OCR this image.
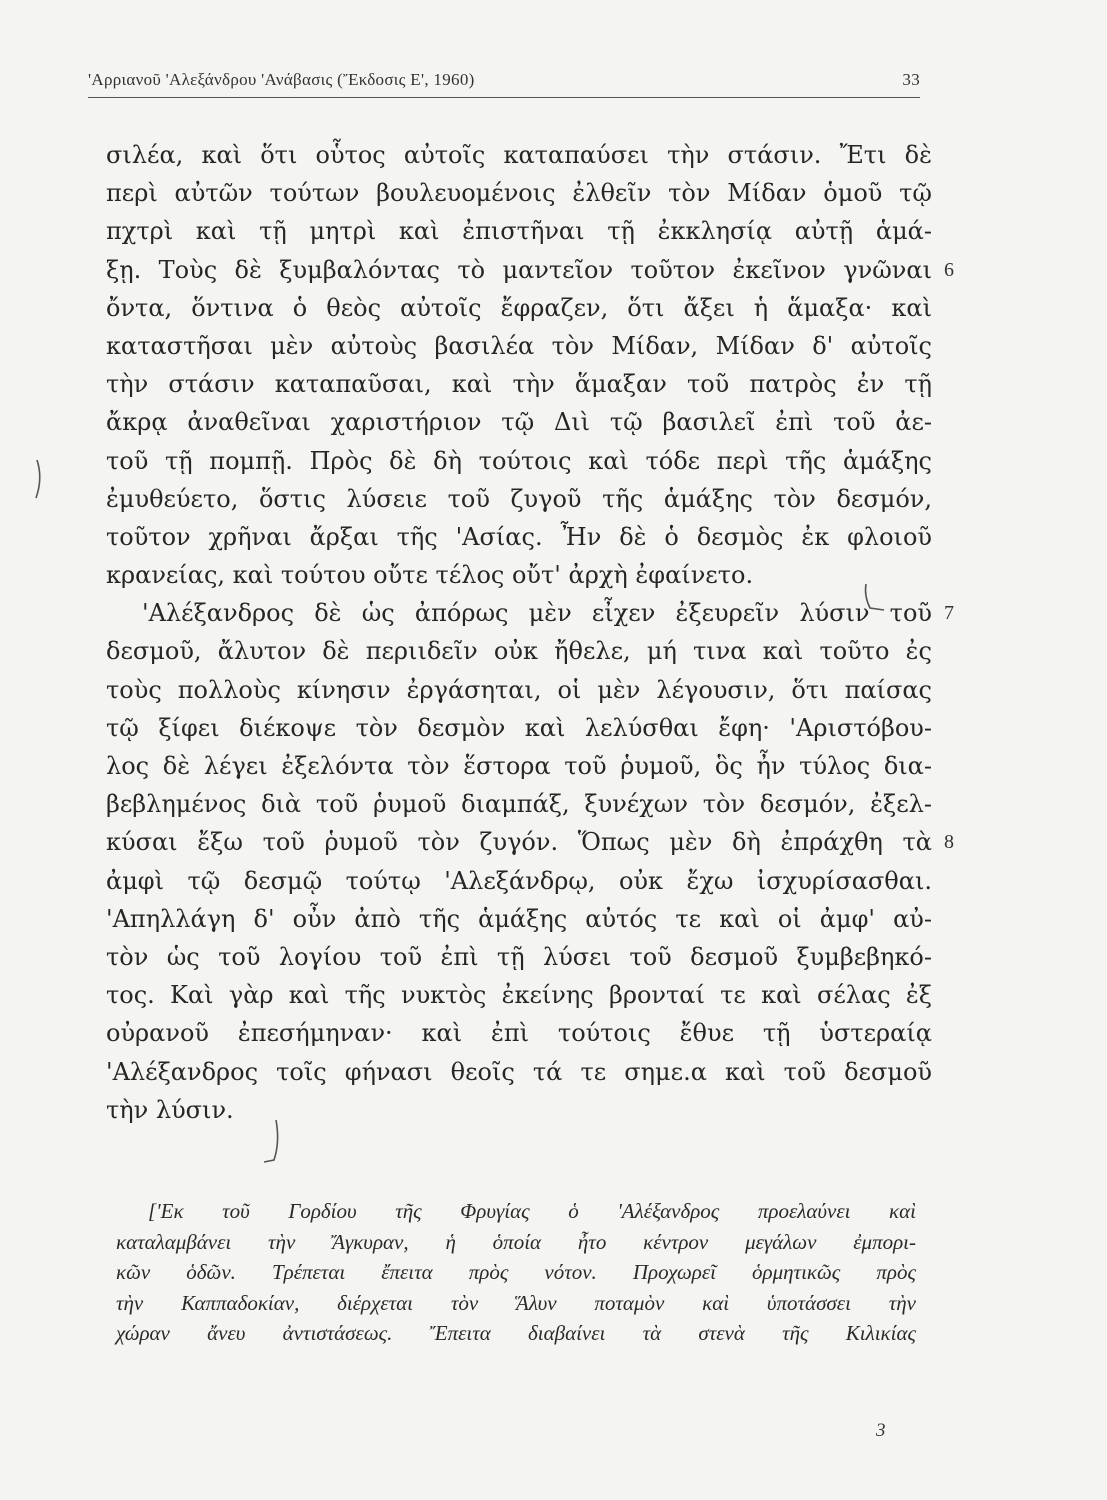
'Αρριανοῦ 'Αλεξάνδρου 'Ανάβασις (Ἔκδοσις Ε', 1960)	33
σιλέα, καὶ ὅτι οὗτος αὐτοῖς καταπαύσει τὴν στάσιν. Ἔτι δὲ
περὶ αὐτῶν τούτων βουλευομένοις ἐλθεῖν τὸν Μίδαν ὁμοῦ τῷ
πχτρὶ καὶ τῇ μητρὶ καὶ ἐπιστῆναι τῇ ἐκκλησίᾳ αὐτῇ ἁμά-
ξῃ. Τοὺς δὲ ξυμβαλόντας τὸ μαντεῖον τοῦτον ἐκεῖνον γνῶναι 6
ὄντα, ὅντινα ὁ θεὸς αὐτοῖς ἔφραζεν, ὅτι ἄξει ἡ ἅμαξα· καὶ
καταστῆσαι μὲν αὐτοὺς βασιλέα τὸν Μίδαν, Μίδαν δ' αὐτοῖς
τὴν στάσιν καταπαῦσαι, καὶ τὴν ἅμαξαν τοῦ πατρὸς ἐν τῇ
ἄκρᾳ ἀναθεῖναι χαριστήριον τῷ Διὶ τῷ βασιλεῖ ἐπὶ τοῦ ἀε-
τοῦ τῇ πομπῇ. Πρὸς δὲ δὴ τούτοις καὶ τόδε περὶ τῆς ἁμάξης
ἐμυθεύετο, ὅστις λύσειε τοῦ ζυγοῦ τῆς ἁμάξης τὸν δεσμόν,
τοῦτον χρῆναι ἄρξαι τῆς 'Ασίας. Ἦν δὲ ὁ δεσμὸς ἐκ φλοιοῦ
κρανείας, καὶ τούτου οὔτε τέλος οὔτ' ἀρχὴ ἐφαίνετο.
'Αλέξανδρος δὲ ὡς ἀπόρως μὲν εἶχεν ἐξευρεῖν λύσιν τοῦ 7
δεσμοῦ, ἄλυτον δὲ περιιδεῖν οὐκ ἤθελε, μή τινα καὶ τοῦτο ἐς
τοὺς πολλοὺς κίνησιν ἐργάσηται, οἱ μὲν λέγουσιν, ὅτι παίσας
τῷ ξίφει διέκοψε τὸν δεσμὸν καὶ λελύσθαι ἔφη· 'Αριστόβου-
λος δὲ λέγει ἐξελόντα τὸν ἕστορα τοῦ ῥυμοῦ, ὃς ἦν τύλος δια-
βεβλημένος διὰ τοῦ ῥυμοῦ διαμπάξ, ξυνέχων τὸν δεσμόν, ἐξελ-
κύσαι ἔξω τοῦ ῥυμοῦ τὸν ζυγόν. Ὅπως μὲν δὴ ἐπράχθη τὰ 8
ἀμφὶ τῷ δεσμῷ τούτῳ 'Αλεξάνδρῳ, οὐκ ἔχω ἰσχυρίσασθαι.
'Απηλλάγη δ' οὖν ἀπὸ τῆς ἁμάξης αὐτός τε καὶ οἱ ἀμφ' αὐ-
τὸν ὡς τοῦ λογίου τοῦ ἐπὶ τῇ λύσει τοῦ δεσμοῦ ξυμβεβηκό-
τος. Καὶ γὰρ καὶ τῆς νυκτὸς ἐκείνης βρονταί τε καὶ σέλας ἐξ
οὐρανοῦ ἐπεσήμηναν· καὶ ἐπὶ τούτοις ἔθυε τῇ ὑστεραίᾳ
'Αλέξανδρος τοῖς φήνασι θεοῖς τά τε σημε.α καὶ τοῦ δεσμοῦ
τὴν λύσιν.
['Εκ τοῦ Γορδίου τῆς Φρυγίας ὁ 'Αλέξανδρος προελαύνει καὶ
καταλαμβάνει τὴν Ἄγκυραν, ἡ ὁποία ἦτο κέντρον μεγάλων ἐμπορι-
κῶν ὁδῶν. Τρέπεται ἔπειτα πρὸς νότον. Προχωρεῖ ὁρμητικῶς πρὸς
τὴν Καππαδοκίαν, διέρχεται τὸν Ἅλυν ποταμὸν καὶ ὑποτάσσει τὴν
χώραν ἄνευ ἀντιστάσεως. Ἔπειτα διαβαίνει τὰ στενὰ τῆς Κιλικίας
3
